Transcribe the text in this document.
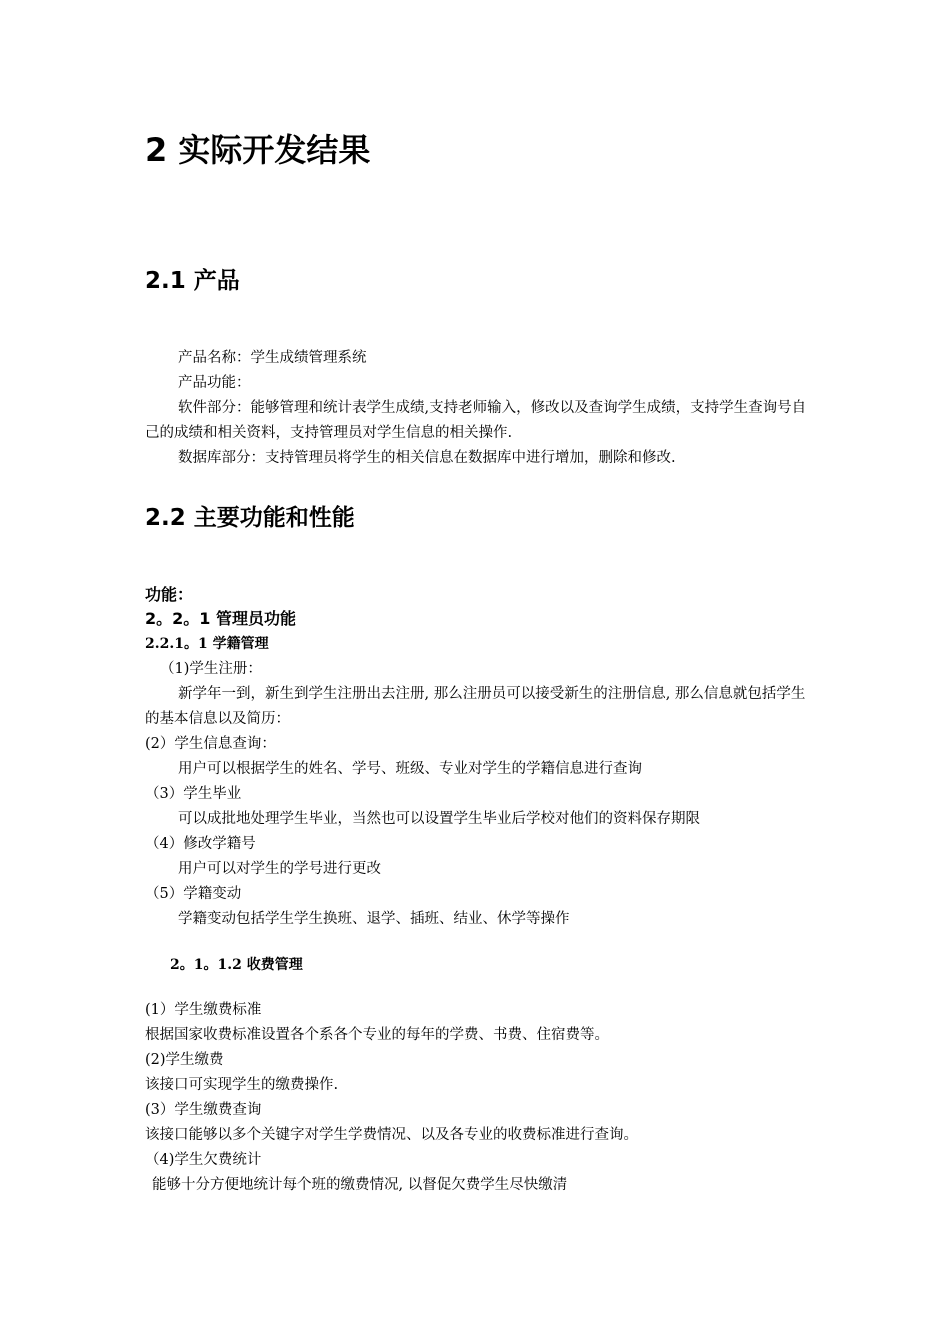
2 实际开发结果
2.1 产品
产品名称：学生成绩管理系统
产品功能：

软件部分：能够管理和统计表学生成绩,支持老师输入，修改以及查询学生成绩，支持学生查询号自己的成绩和相关资料，支持管理员对学生信息的相关操作.

数据库部分：支持管理员将学生的相关信息在数据库中进行增加，删除和修改.
2.2 主要功能和性能
功能：
2。2。1 管理员功能
2.2.1。1 学籍管理
（1)学生注册：

新学年一到，新生到学生注册出去注册, 那么注册员可以接受新生的注册信息, 那么信息就包括学生的基本信息以及简历：

(2）学生信息查询：
用户可以根据学生的姓名、学号、班级、专业对学生的学籍信息进行查询
（3）学生毕业
可以成批地处理学生毕业，当然也可以设置学生毕业后学校对他们的资料保存期限
（4）修改学籍号
用户可以对学生的学号进行更改
（5）学籍变动
学籍变动包括学生学生换班、退学、插班、结业、休学等操作
2。1。1.2 收费管理
(1）学生缴费标准
根据国家收费标准设置各个系各个专业的每年的学费、书费、住宿费等。
(2)学生缴费
该接口可实现学生的缴费操作.
(3）学生缴费查询
该接口能够以多个关键字对学生学费情况、以及各专业的收费标准进行查询。
（4)学生欠费统计
能够十分方便地统计每个班的缴费情况, 以督促欠费学生尽快缴清
